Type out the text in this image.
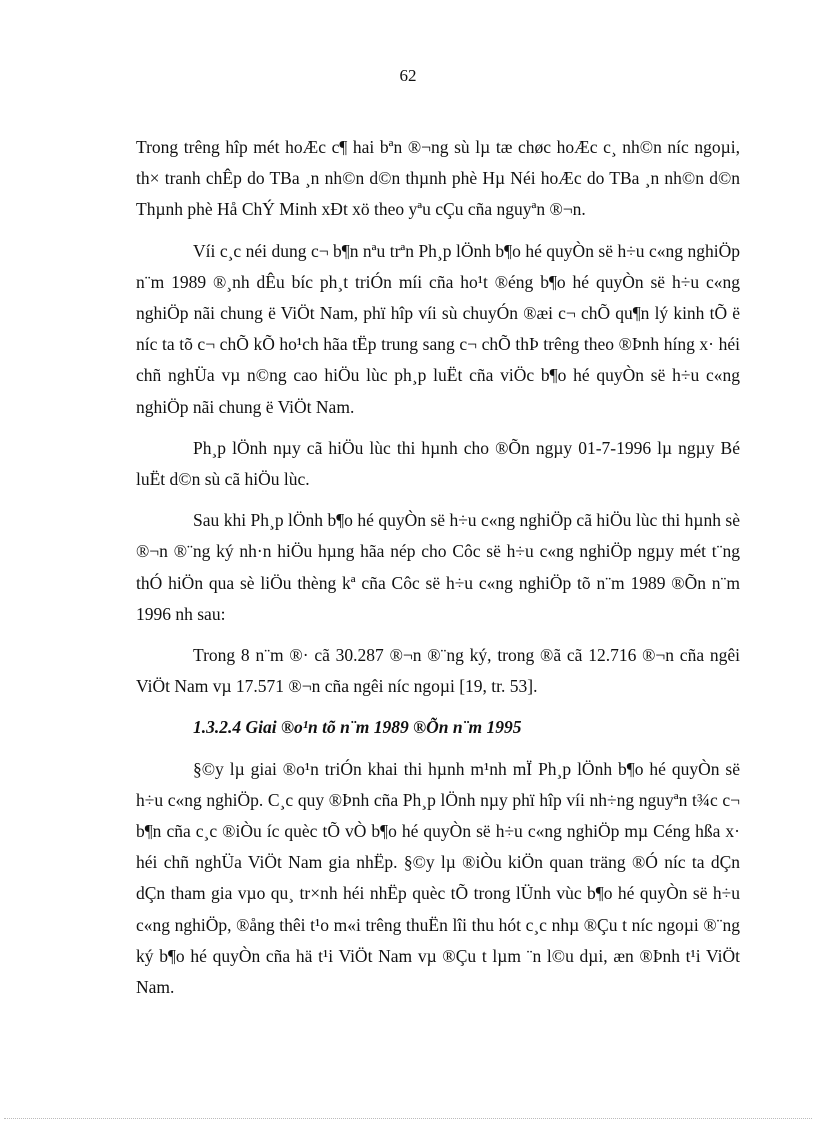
62

Trong trêng hîp mét hoÆc c¶ hai bªn ®¬ng sù lµ tæ chøc hoÆc c¸ nh©n níc ngoµi, th× tranh chÊp do TBa ¸n nh©n d©n thµnh phè Hµ Néi hoÆc do TBa ¸n nh©n d©n Thµnh phè Hå ChÝ Minh xÐt xö theo yªu cÇu cña nguyªn ®¬n.

Víi c¸c néi dung c¬ b¶n nªu trªn Ph¸p lÖnh b¶o hé quyÒn së h÷u c«ng nghiÖp n¨m 1989 ®¸nh dÊu bíc ph¸t triÓn míi cña ho¹t ®éng b¶o hé quyÒn së h÷u c«ng nghiÖp nãi chung ë ViÖt Nam, phï hîp víi sù chuyÓn ®æi c¬ chÕ qu¶n lý kinh tÕ ë níc ta tõ c¬ chÕ kÕ ho¹ch hãa tËp trung sang c¬ chÕ thÞ trêng theo ®Þnh híng x· héi chñ nghÜa vµ n©ng cao hiÖu lùc ph¸p luËt cña viÖc b¶o hé quyÒn së h÷u c«ng nghiÖp nãi chung ë ViÖt Nam.

Ph¸p lÖnh nµy cã hiÖu lùc thi hµnh cho ®Õn ngµy 01-7-1996 lµ ngµy Bé luËt d©n sù cã hiÖu lùc.

Sau khi Ph¸p lÖnh b¶o hé quyÒn së h÷u c«ng nghiÖp cã hiÖu lùc thi hµnh sè ®¬n ®¨ng ký nh·n hiÖu hµng hãa nép cho Côc së h÷u c«ng nghiÖp ngµy mét t¨ng thÓ hiÖn qua sè liÖu thèng kª cña Côc së h÷u c«ng nghiÖp tõ n¨m 1989 ®Õn n¨m 1996 nh sau:

Trong 8 n¨m ®· cã 30.287 ®¬n ®¨ng ký, trong ®ã cã 12.716 ®¬n cña ngêi ViÖt Nam vµ 17.571 ®¬n cña ngêi níc ngoµi [19, tr. 53].

1.3.2.4 Giai ®o¹n tõ n¨m 1989 ®Õn n¨m 1995

§©y lµ giai ®o¹n triÓn khai thi hµnh m¹nh mÏ Ph¸p lÖnh b¶o hé quyÒn së h÷u c«ng nghiÖp. C¸c quy ®Þnh cña Ph¸p lÖnh nµy phï hîp víi nh÷ng nguyªn t¾c c¬ b¶n cña c¸c ®iÒu íc quèc tÕ vÒ b¶o hé quyÒn së h÷u c«ng nghiÖp mµ Céng hßa x· héi chñ nghÜa ViÖt Nam gia nhËp. §©y lµ ®iÒu kiÖn quan träng ®Ó níc ta dÇn dÇn tham gia vµo qu¸ tr×nh héi nhËp quèc tÕ trong lÜnh vùc b¶o hé quyÒn së h÷u c«ng nghiÖp, ®ång thêi t¹o m«i trêng thuËn lîi thu hót c¸c nhµ ®Çu t níc ngoµi ®¨ng ký b¶o hé quyÒn cña hä t¹i ViÖt Nam vµ ®Çu t lµm ¨n l©u dµi, æn ®Þnh t¹i ViÖt Nam.
